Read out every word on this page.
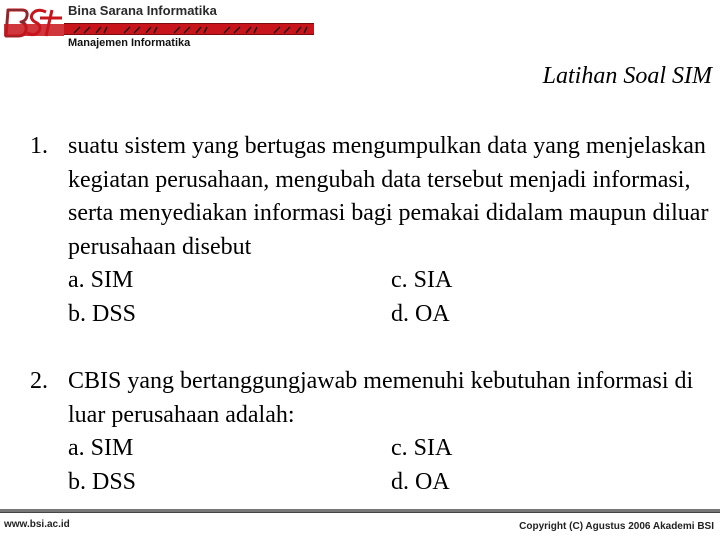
Bina Sarana Informatika
Manajemen Informatika
Latihan Soal SIM
1. suatu sistem yang bertugas mengumpulkan data yang menjelaskan kegiatan perusahaan, mengubah data tersebut menjadi informasi, serta menyediakan informasi bagi pemakai didalam maupun diluar perusahaan disebut
a. SIM	c. SIA
b. DSS	d. OA
2. CBIS yang bertanggungjawab memenuhi kebutuhan informasi di luar perusahaan adalah:
a. SIM	c. SIA
b. DSS	d. OA
www.bsi.ac.id	Copyright (C) Agustus 2006 Akademi BSI
